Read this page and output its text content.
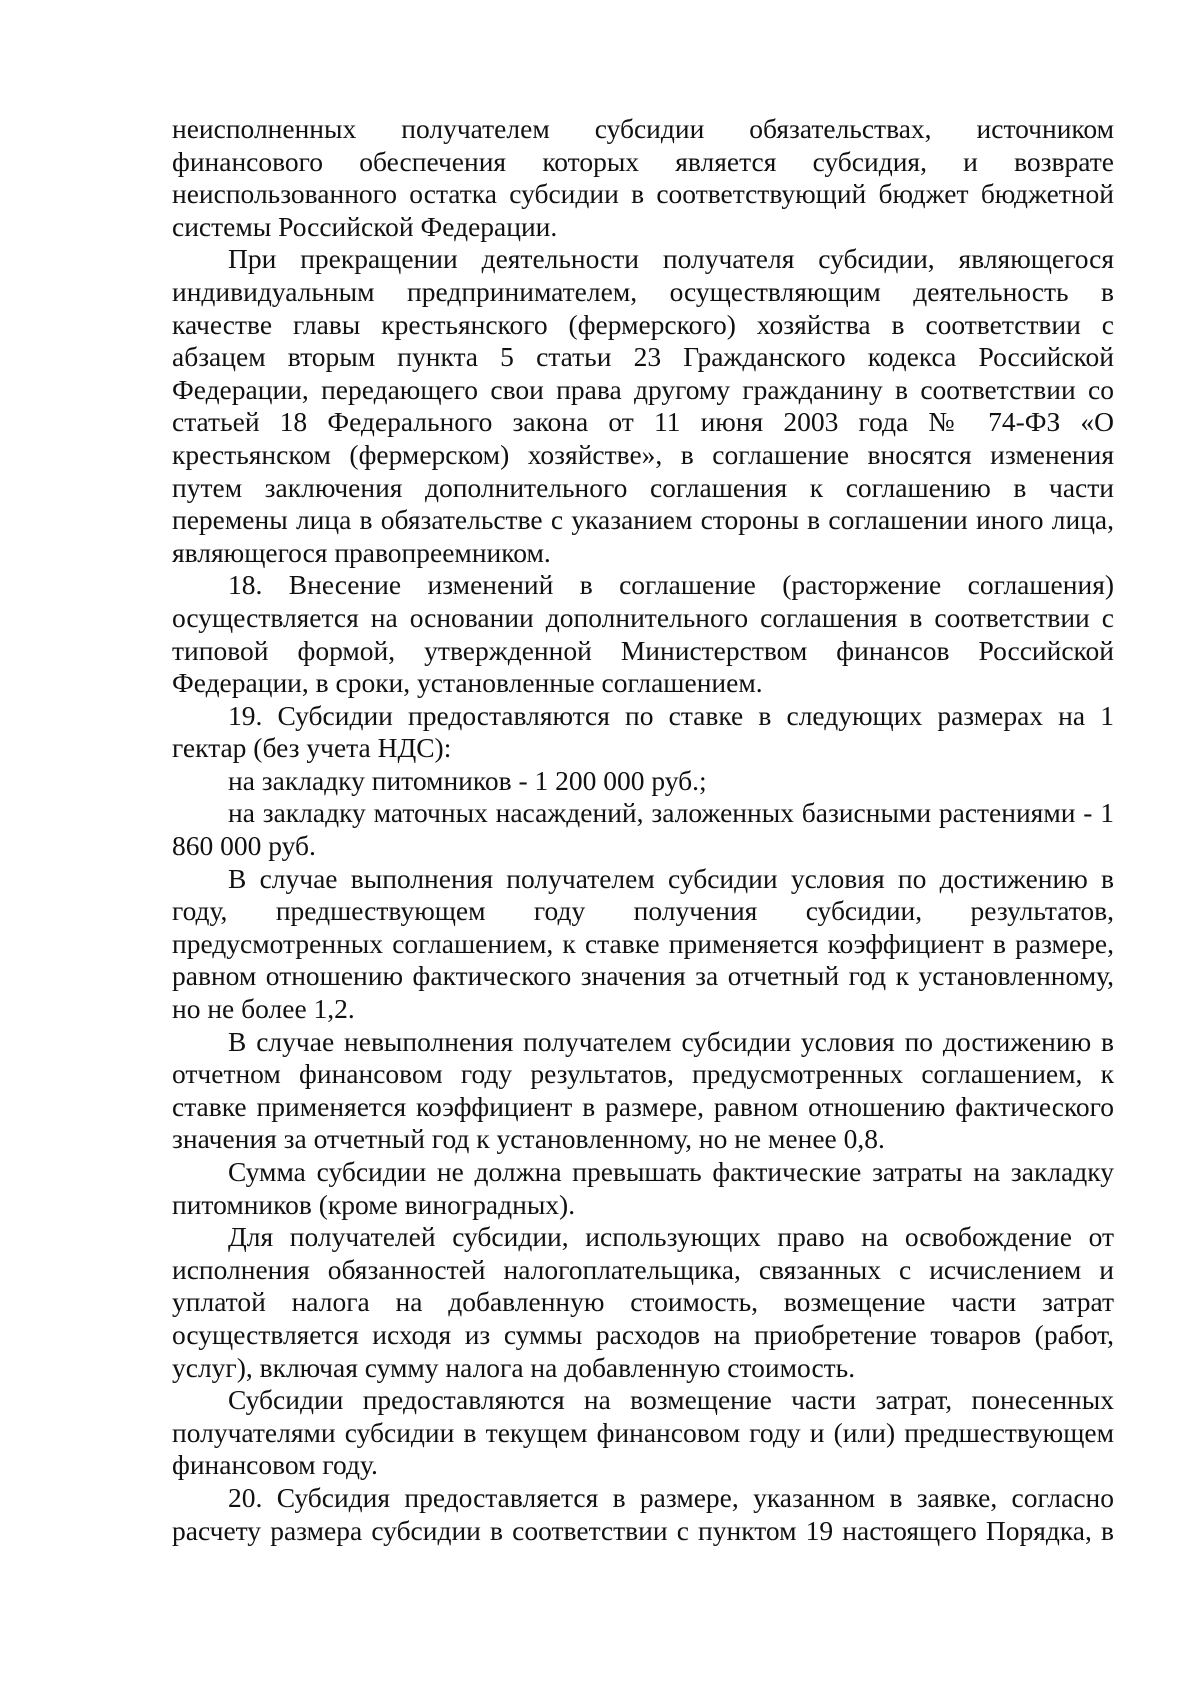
неисполненных получателем субсидии обязательствах, источником финансового обеспечения которых является субсидия, и возврате неиспользованного остатка субсидии в соответствующий бюджет бюджетной системы Российской Федерации.

При прекращении деятельности получателя субсидии, являющегося индивидуальным предпринимателем, осуществляющим деятельность в качестве главы крестьянского (фермерского) хозяйства в соответствии с абзацем вторым пункта 5 статьи 23 Гражданского кодекса Российской Федерации, передающего свои права другому гражданину в соответствии со статьей 18 Федерального закона от 11 июня 2003 года № 74-ФЗ «О крестьянском (фермерском) хозяйстве», в соглашение вносятся изменения путем заключения дополнительного соглашения к соглашению в части перемены лица в обязательстве с указанием стороны в соглашении иного лица, являющегося правопреемником.

18. Внесение изменений в соглашение (расторжение соглашения) осуществляется на основании дополнительного соглашения в соответствии с типовой формой, утвержденной Министерством финансов Российской Федерации, в сроки, установленные соглашением.

19. Субсидии предоставляются по ставке в следующих размерах на 1 гектар (без учета НДС):

на закладку питомников - 1 200 000 руб.;

на закладку маточных насаждений, заложенных базисными растениями - 1 860 000 руб.

В случае выполнения получателем субсидии условия по достижению в году, предшествующем году получения субсидии, результатов, предусмотренных соглашением, к ставке применяется коэффициент в размере, равном отношению фактического значения за отчетный год к установленному, но не более 1,2.

В случае невыполнения получателем субсидии условия по достижению в отчетном финансовом году результатов, предусмотренных соглашением, к ставке применяется коэффициент в размере, равном отношению фактического значения за отчетный год к установленному, но не менее 0,8.

Сумма субсидии не должна превышать фактические затраты на закладку питомников (кроме виноградных).

Для получателей субсидии, использующих право на освобождение от исполнения обязанностей налогоплательщика, связанных с исчислением и уплатой налога на добавленную стоимость, возмещение части затрат осуществляется исходя из суммы расходов на приобретение товаров (работ, услуг), включая сумму налога на добавленную стоимость.

Субсидии предоставляются на возмещение части затрат, понесенных получателями субсидии в текущем финансовом году и (или) предшествующем финансовом году.

20. Субсидия предоставляется в размере, указанном в заявке, согласно расчету размера субсидии в соответствии с пунктом 19 настоящего Порядка, в
